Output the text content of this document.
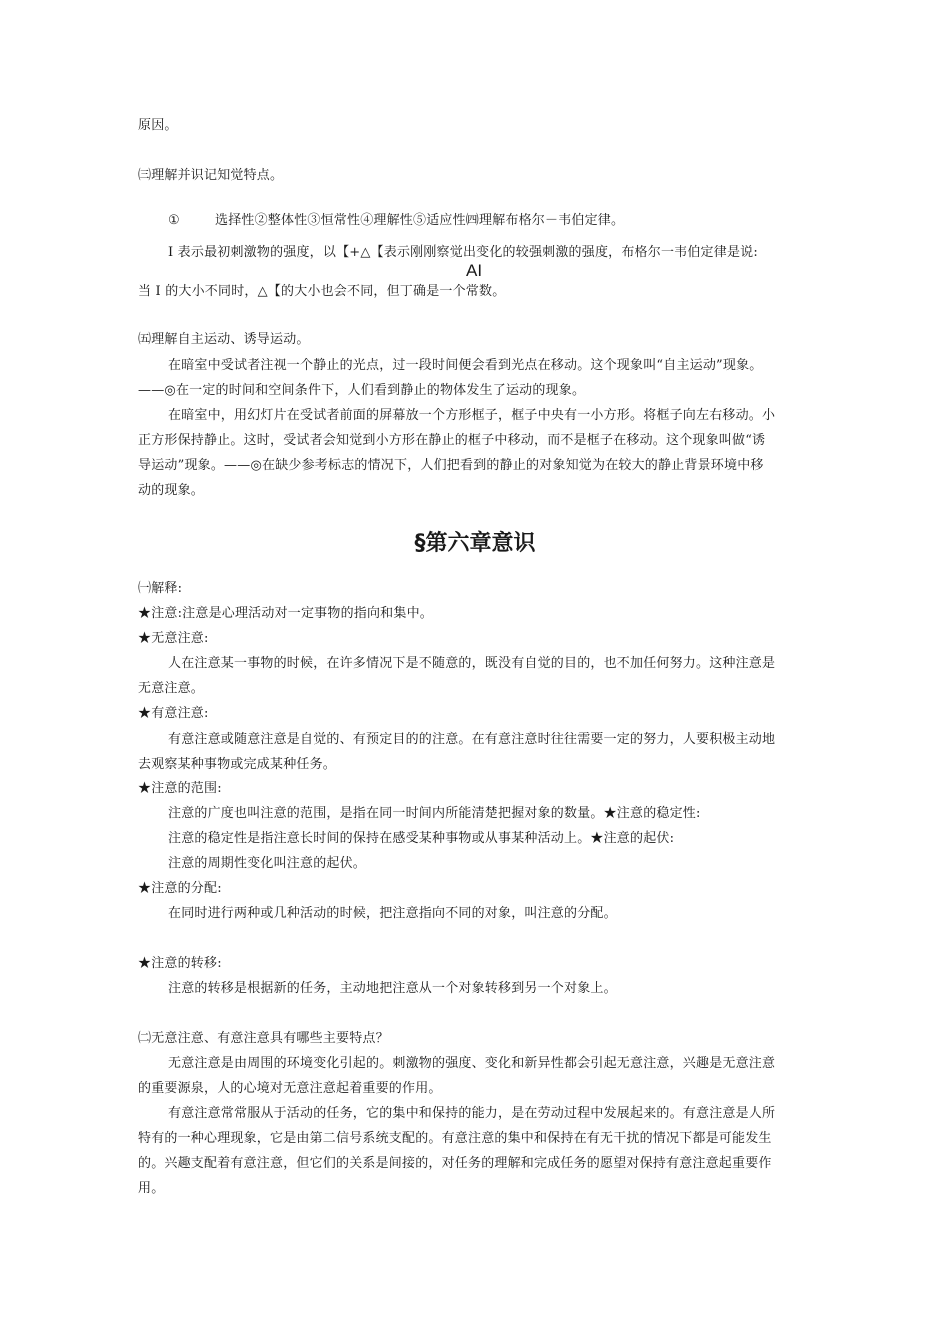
原因。
㈢理解并识记知觉特点。
①	选择性②整体性③恒常性④理解性⑤适应性㈣理解布格尔－韦伯定律。
I 表示最初刺激物的强度，以【+△【表示刚刚察觉出变化的较强刺激的强度，布格尔一韦伯定律是说:
AI
当 I 的大小不同时，△【的大小也会不同，但丁确是一个常数。
㈤理解自主运动、诱导运动。
在暗室中受试者注视一个静止的光点，过一段时间便会看到光点在移动。这个现象叫“自主运动”现象。
——◎在一定的时间和空间条件下，人们看到静止的物体发生了运动的现象。
在暗室中，用幻灯片在受试者前面的屏幕放一个方形框子，框子中央有一小方形。将框子向左右移动。小
正方形保持静止。这时，受试者会知觉到小方形在静止的框子中移动，而不是框子在移动。这个现象叫做“诱
导运动”现象。——◎在缺少参考标志的情况下，人们把看到的静止的对象知觉为在较大的静止背景环境中移
动的现象。
§第六章意识
㈠解释:
★注意:注意是心理活动对一定事物的指向和集中。
★无意注意:
人在注意某一事物的时候，在许多情况下是不随意的，既没有自觉的目的，也不加任何努力。这种注意是
无意注意。
★有意注意:
有意注意或随意注意是自觉的、有预定目的的注意。在有意注意时往往需要一定的努力，人要积极主动地
去观察某种事物或完成某种任务。
★注意的范围:
注意的广度也叫注意的范围，是指在同一时间内所能清楚把握对象的数量。★注意的稳定性:
注意的稳定性是指注意长时间的保持在感受某种事物或从事某种活动上。★注意的起伏:
注意的周期性变化叫注意的起伏。
★注意的分配:
在同时进行两种或几种活动的时候，把注意指向不同的对象，叫注意的分配。
★注意的转移:
注意的转移是根据新的任务，主动地把注意从一个对象转移到另一个对象上。
㈡无意注意、有意注意具有哪些主要特点？
无意注意是由周围的环境变化引起的。刺激物的强度、变化和新异性都会引起无意注意，兴趣是无意注意
的重要源泉，人的心境对无意注意起着重要的作用。
有意注意常常服从于活动的任务，它的集中和保持的能力，是在劳动过程中发展起来的。有意注意是人所
特有的一种心理现象，它是由第二信号系统支配的。有意注意的集中和保持在有无干扰的情况下都是可能发生
的。兴趣支配着有意注意，但它们的关系是间接的，对任务的理解和完成任务的愿望对保持有意注意起重要作
用。
